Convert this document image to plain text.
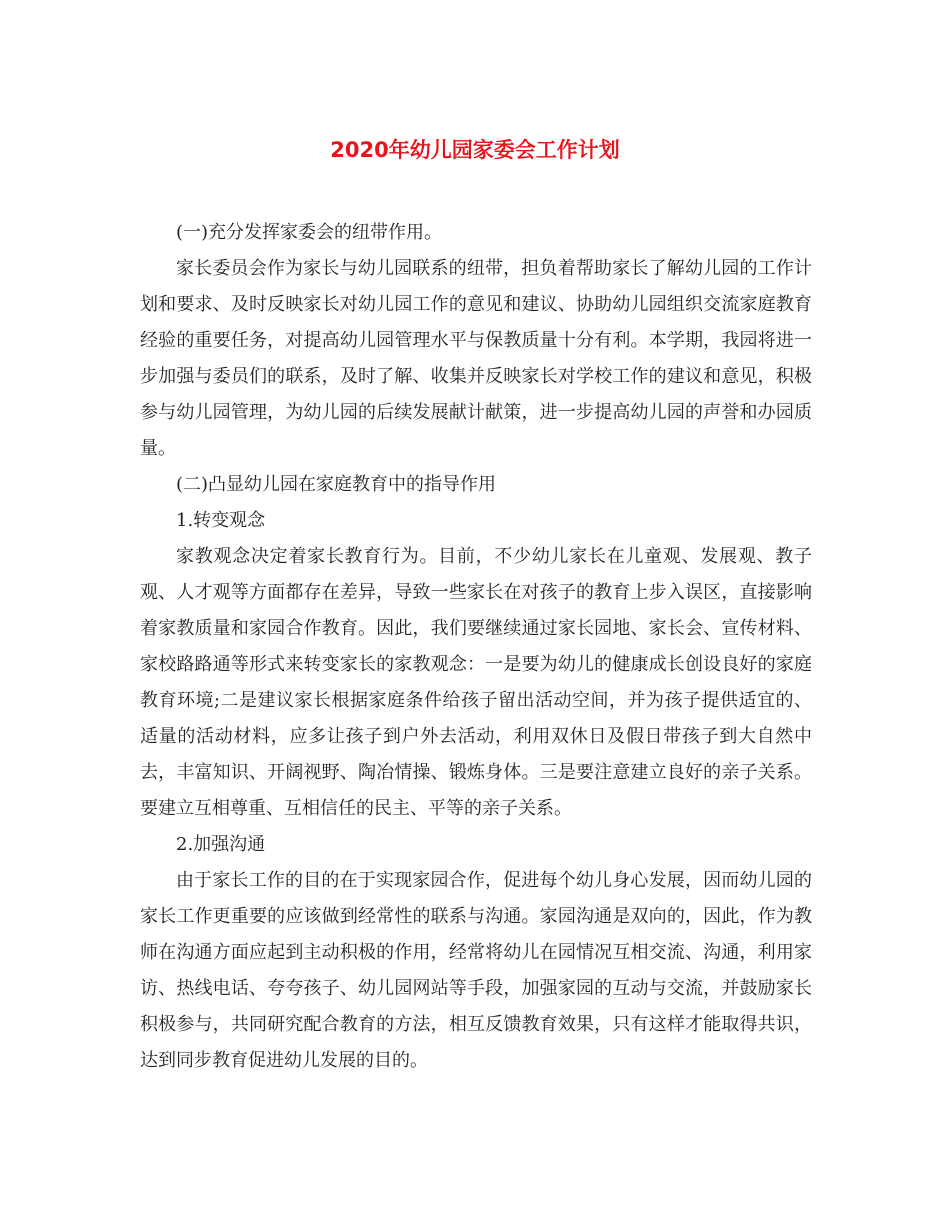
2020年幼儿园家委会工作计划

(一)充分发挥家委会的纽带作用。

家长委员会作为家长与幼儿园联系的纽带，担负着帮助家长了解幼儿园的工作计划和要求、及时反映家长对幼儿园工作的意见和建议、协助幼儿园组织交流家庭教育经验的重要任务，对提高幼儿园管理水平与保教质量十分有利。本学期，我园将进一步加强与委员们的联系，及时了解、收集并反映家长对学校工作的建议和意见，积极参与幼儿园管理，为幼儿园的后续发展献计献策，进一步提高幼儿园的声誉和办园质量。

(二)凸显幼儿园在家庭教育中的指导作用

1.转变观念

家教观念决定着家长教育行为。目前，不少幼儿家长在儿童观、发展观、教子观、人才观等方面都存在差异，导致一些家长在对孩子的教育上步入误区，直接影响着家教质量和家园合作教育。因此，我们要继续通过家长园地、家长会、宣传材料、家校路路通等形式来转变家长的家教观念：一是要为幼儿的健康成长创设良好的家庭教育环境;二是建议家长根据家庭条件给孩子留出活动空间，并为孩子提供适宜的、适量的活动材料，应多让孩子到户外去活动，利用双休日及假日带孩子到大自然中去，丰富知识、开阔视野、陶冶情操、锻炼身体。三是要注意建立良好的亲子关系。要建立互相尊重、互相信任的民主、平等的亲子关系。

2.加强沟通

由于家长工作的目的在于实现家园合作，促进每个幼儿身心发展，因而幼儿园的家长工作更重要的应该做到经常性的联系与沟通。家园沟通是双向的，因此，作为教师在沟通方面应起到主动积极的作用，经常将幼儿在园情况互相交流、沟通，利用家访、热线电话、夸夸孩子、幼儿园网站等手段，加强家园的互动与交流，并鼓励家长积极参与，共同研究配合教育的方法，相互反馈教育效果，只有这样才能取得共识，达到同步教育促进幼儿发展的目的。
